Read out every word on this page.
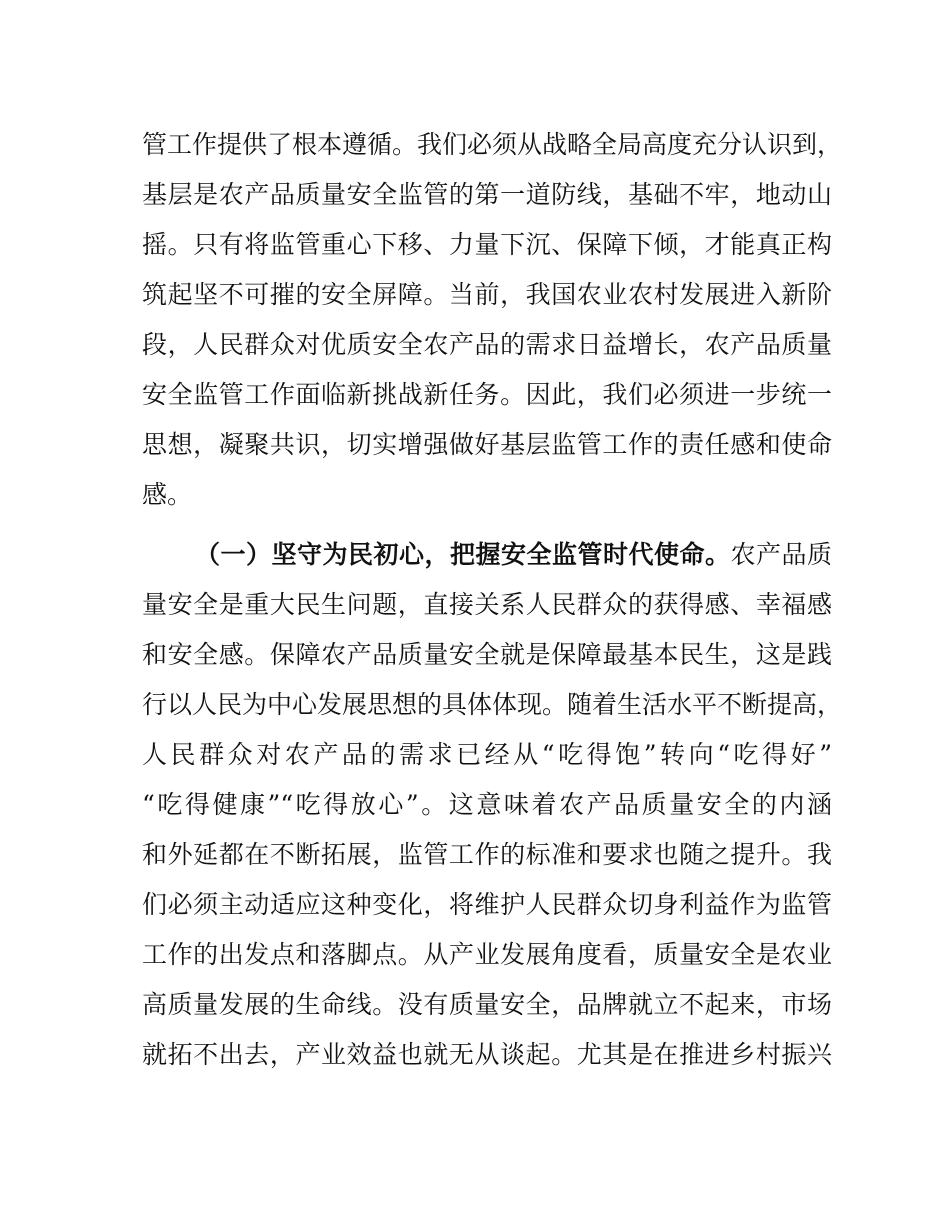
管工作提供了根本遵循。我们必须从战略全局高度充分认识到，
基层是农产品质量安全监管的第一道防线，基础不牢，地动山
摇。只有将监管重心下移、力量下沉、保障下倾，才能真正构
筑起坚不可摧的安全屏障。当前，我国农业农村发展进入新阶
段，人民群众对优质安全农产品的需求日益增长，农产品质量
安全监管工作面临新挑战新任务。因此，我们必须进一步统一
思想，凝聚共识，切实增强做好基层监管工作的责任感和使命
感。
（一）坚守为民初心，把握安全监管时代使命。农产品质
量安全是重大民生问题，直接关系人民群众的获得感、幸福感
和安全感。保障农产品质量安全就是保障最基本民生，这是践
行以人民为中心发展思想的具体体现。随着生活水平不断提高，
人民群众对农产品的需求已经从“吃得饱”转向“吃得好”
“吃得健康”“吃得放心”。这意味着农产品质量安全的内涵
和外延都在不断拓展，监管工作的标准和要求也随之提升。我
们必须主动适应这种变化，将维护人民群众切身利益作为监管
工作的出发点和落脚点。从产业发展角度看，质量安全是农业
高质量发展的生命线。没有质量安全，品牌就立不起来，市场
就拓不出去，产业效益也就无从谈起。尤其是在推进乡村振兴
